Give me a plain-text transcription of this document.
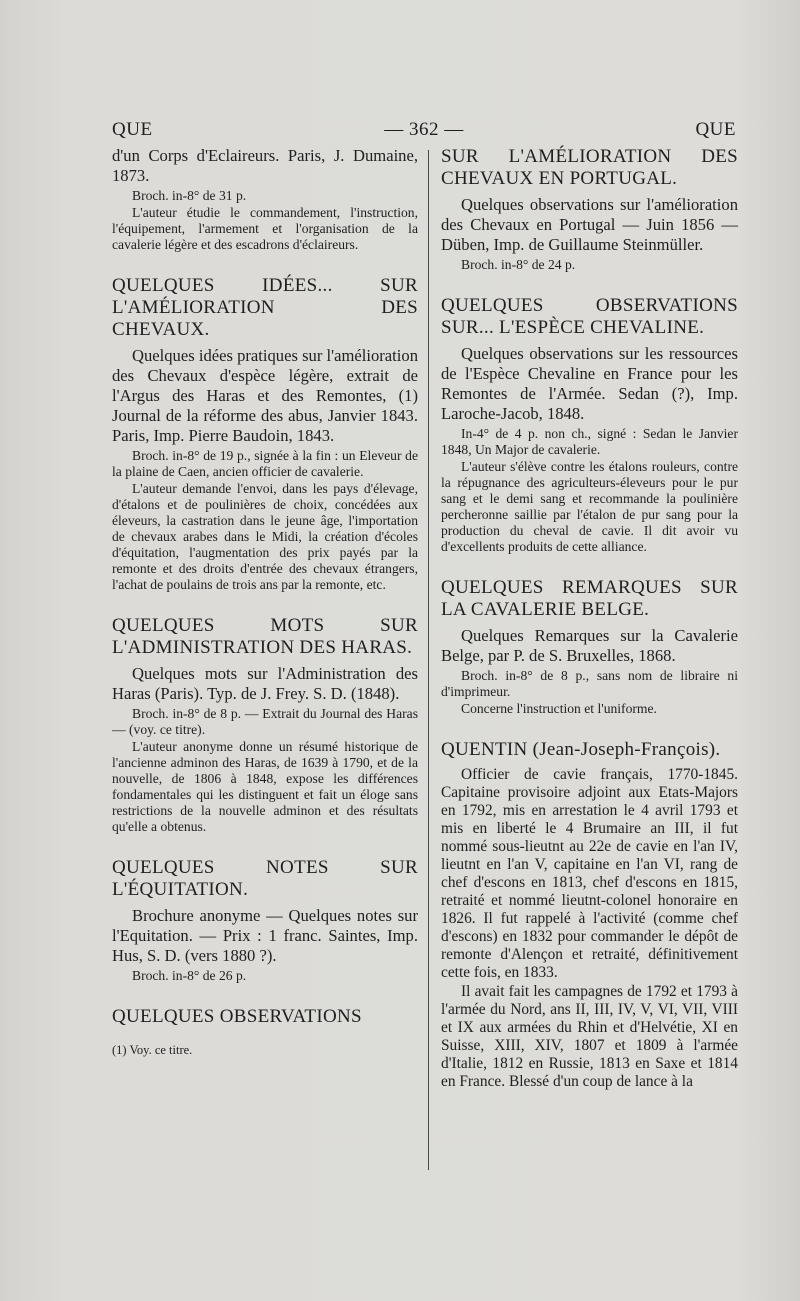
QUE	— 362 —	QUE
d'un Corps d'Eclaireurs. Paris, J. Dumaine, 1873.
Broch. in-8° de 31 p.
L'auteur étudie le commandement, l'instruction, l'équipement, l'armement et l'organisation de la cavalerie légère et des escadrons d'éclaireurs.
QUELQUES IDÉES... SUR L'AMÉLIORATION DES CHEVAUX.
Quelques idées pratiques sur l'amélioration des Chevaux d'espèce légère, extrait de l'Argus des Haras et des Remontes, (1) Journal de la réforme des abus, Janvier 1843. Paris, Imp. Pierre Baudoin, 1843.
Broch. in-8° de 19 p., signée à la fin : un Eleveur de la plaine de Caen, ancien officier de cavalerie.
L'auteur demande l'envoi, dans les pays d'élevage, d'étalons et de poulinières de choix, concédées aux éleveurs, la castration dans le jeune âge, l'importation de chevaux arabes dans le Midi, la création d'écoles d'équitation, l'augmentation des prix payés par la remonte et des droits d'entrée des chevaux étrangers, l'achat de poulains de trois ans par la remonte, etc.
QUELQUES MOTS SUR L'ADMINISTRATION DES HARAS.
Quelques mots sur l'Administration des Haras (Paris). Typ. de J. Frey. S. D. (1848).
Broch. in-8° de 8 p. — Extrait du Journal des Haras — (voy. ce titre).
L'auteur anonyme donne un résumé historique de l'ancienne adminon des Haras, de 1639 à 1790, et de la nouvelle, de 1806 à 1848, expose les différences fondamentales qui les distinguent et fait un éloge sans restrictions de la nouvelle adminon et des résultats qu'elle a obtenus.
QUELQUES NOTES SUR L'ÉQUITATION.
Brochure anonyme — Quelques notes sur l'Equitation. — Prix : 1 franc. Saintes, Imp. Hus, S. D. (vers 1880 ?).
Broch. in-8° de 26 p.
QUELQUES OBSERVATIONS
(1) Voy. ce titre.
SUR L'AMÉLIORATION DES CHEVAUX EN PORTUGAL.
Quelques observations sur l'amélioration des Chevaux en Portugal — Juin 1856 — Düben, Imp. de Guillaume Steinmüller.
Broch. in-8° de 24 p.
QUELQUES OBSERVATIONS SUR... L'ESPÈCE CHEVALINE.
Quelques observations sur les ressources de l'Espèce Chevaline en France pour les Remontes de l'Armée. Sedan (?), Imp. Laroche-Jacob, 1848.
In-4° de 4 p. non ch., signé : Sedan le Janvier 1848, Un Major de cavalerie.
L'auteur s'élève contre les étalons rouleurs, contre la répugnance des agriculteurs-éleveurs pour le pur sang et le demi sang et recommande la poulinière percheronne saillie par l'étalon de pur sang pour la production du cheval de cavie. Il dit avoir vu d'excellents produits de cette alliance.
QUELQUES REMARQUES SUR LA CAVALERIE BELGE.
Quelques Remarques sur la Cavalerie Belge, par P. de S. Bruxelles, 1868.
Broch. in-8° de 8 p., sans nom de libraire ni d'imprimeur.
Concerne l'instruction et l'uniforme.
QUENTIN (Jean-Joseph-François).
Officier de cavie français, 1770-1845. Capitaine provisoire adjoint aux Etats-Majors en 1792, mis en arrestation le 4 avril 1793 et mis en liberté le 4 Brumaire an III, il fut nommé sous-lieutnt au 22e de cavie en l'an IV, lieutnt en l'an V, capitaine en l'an VI, rang de chef d'escons en 1813, chef d'escons en 1815, retraité et nommé lieutnt-colonel honoraire en 1826. Il fut rappelé à l'activité (comme chef d'escons) en 1832 pour commander le dépôt de remonte d'Alençon et retraité, définitivement cette fois, en 1833.
Il avait fait les campagnes de 1792 et 1793 à l'armée du Nord, ans II, III, IV, V, VI, VII, VIII et IX aux armées du Rhin et d'Helvétie, XI en Suisse, XIII, XIV, 1807 et 1809 à l'armée d'Italie, 1812 en Russie, 1813 en Saxe et 1814 en France. Blessé d'un coup de lance à la
